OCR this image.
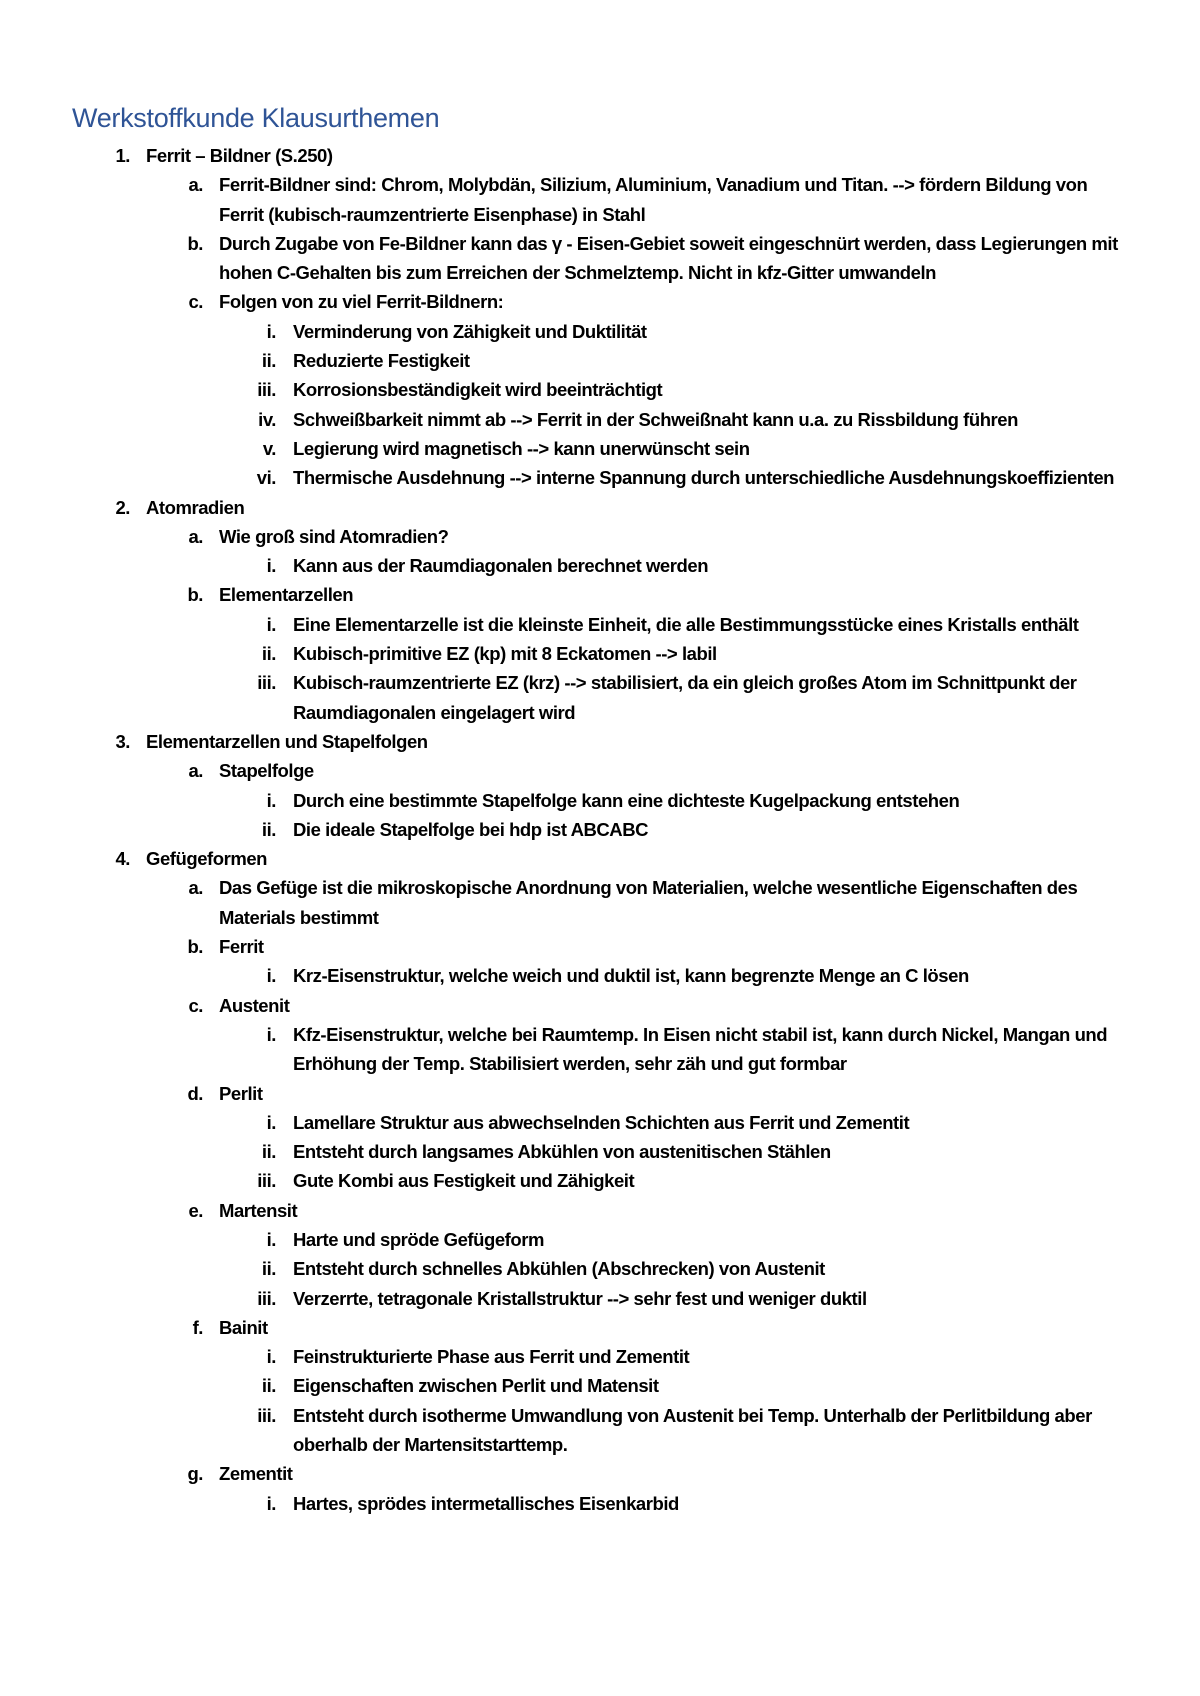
Werkstoffkunde Klausurthemen
1. Ferrit – Bildner (S.250)
a. Ferrit-Bildner sind: Chrom, Molybdän, Silizium, Aluminium, Vanadium und Titan. --> fördern Bildung von Ferrit (kubisch-raumzentrierte Eisenphase) in Stahl
b. Durch Zugabe von Fe-Bildner kann das γ - Eisen-Gebiet soweit eingeschnürt werden, dass Legierungen mit hohen C-Gehalten bis zum Erreichen der Schmelztemp. Nicht in kfz-Gitter umwandeln
c. Folgen von zu viel Ferrit-Bildnern:
i. Verminderung von Zähigkeit und Duktilität
ii. Reduzierte Festigkeit
iii. Korrosionsbeständigkeit wird beeinträchtigt
iv. Schweißbarkeit nimmt ab --> Ferrit in der Schweißnaht kann u.a. zu Rissbildung führen
v. Legierung wird magnetisch --> kann unerwünscht sein
vi. Thermische Ausdehnung --> interne Spannung durch unterschiedliche Ausdehnungskoeffizienten
2. Atomradien
a. Wie groß sind Atomradien?
i. Kann aus der Raumdiagonalen berechnet werden
b. Elementarzellen
i. Eine Elementarzelle ist die kleinste Einheit, die alle Bestimmungsstücke eines Kristalls enthält
ii. Kubisch-primitive EZ (kp) mit 8 Eckatomen --> labil
iii. Kubisch-raumzentrierte EZ (krz) --> stabilisiert, da ein gleich großes Atom im Schnittpunkt der Raumdiagonalen eingelagert wird
3. Elementarzellen und Stapelfolgen
a. Stapelfolge
i. Durch eine bestimmte Stapelfolge kann eine dichteste Kugelpackung entstehen
ii. Die ideale Stapelfolge bei hdp ist ABCABC
4. Gefügeformen
a. Das Gefüge ist die mikroskopische Anordnung von Materialien, welche wesentliche Eigenschaften des Materials bestimmt
b. Ferrit
i. Krz-Eisenstruktur, welche weich und duktil ist, kann begrenzte Menge an C lösen
c. Austenit
i. Kfz-Eisenstruktur, welche bei Raumtemp. In Eisen nicht stabil ist, kann durch Nickel, Mangan und Erhöhung der Temp. Stabilisiert werden, sehr zäh und gut formbar
d. Perlit
i. Lamellare Struktur aus abwechselnden Schichten aus Ferrit und Zementit
ii. Entsteht durch langsames Abkühlen von austenitischen Stählen
iii. Gute Kombi aus Festigkeit und Zähigkeit
e. Martensit
i. Harte und spröde Gefügeform
ii. Entsteht durch schnelles Abkühlen (Abschrecken) von Austenit
iii. Verzerrte, tetragonale Kristallstruktur --> sehr fest und weniger duktil
f. Bainit
i. Feinstrukturierte Phase aus Ferrit und Zementit
ii. Eigenschaften zwischen Perlit und Matensit
iii. Entsteht durch isotherme Umwandlung von Austenit bei Temp. Unterhalb der Perlitbildung aber oberhalb der Martensitstarttemp.
g. Zementit
i. Hartes, sprödes intermetallisches Eisenkarbid
